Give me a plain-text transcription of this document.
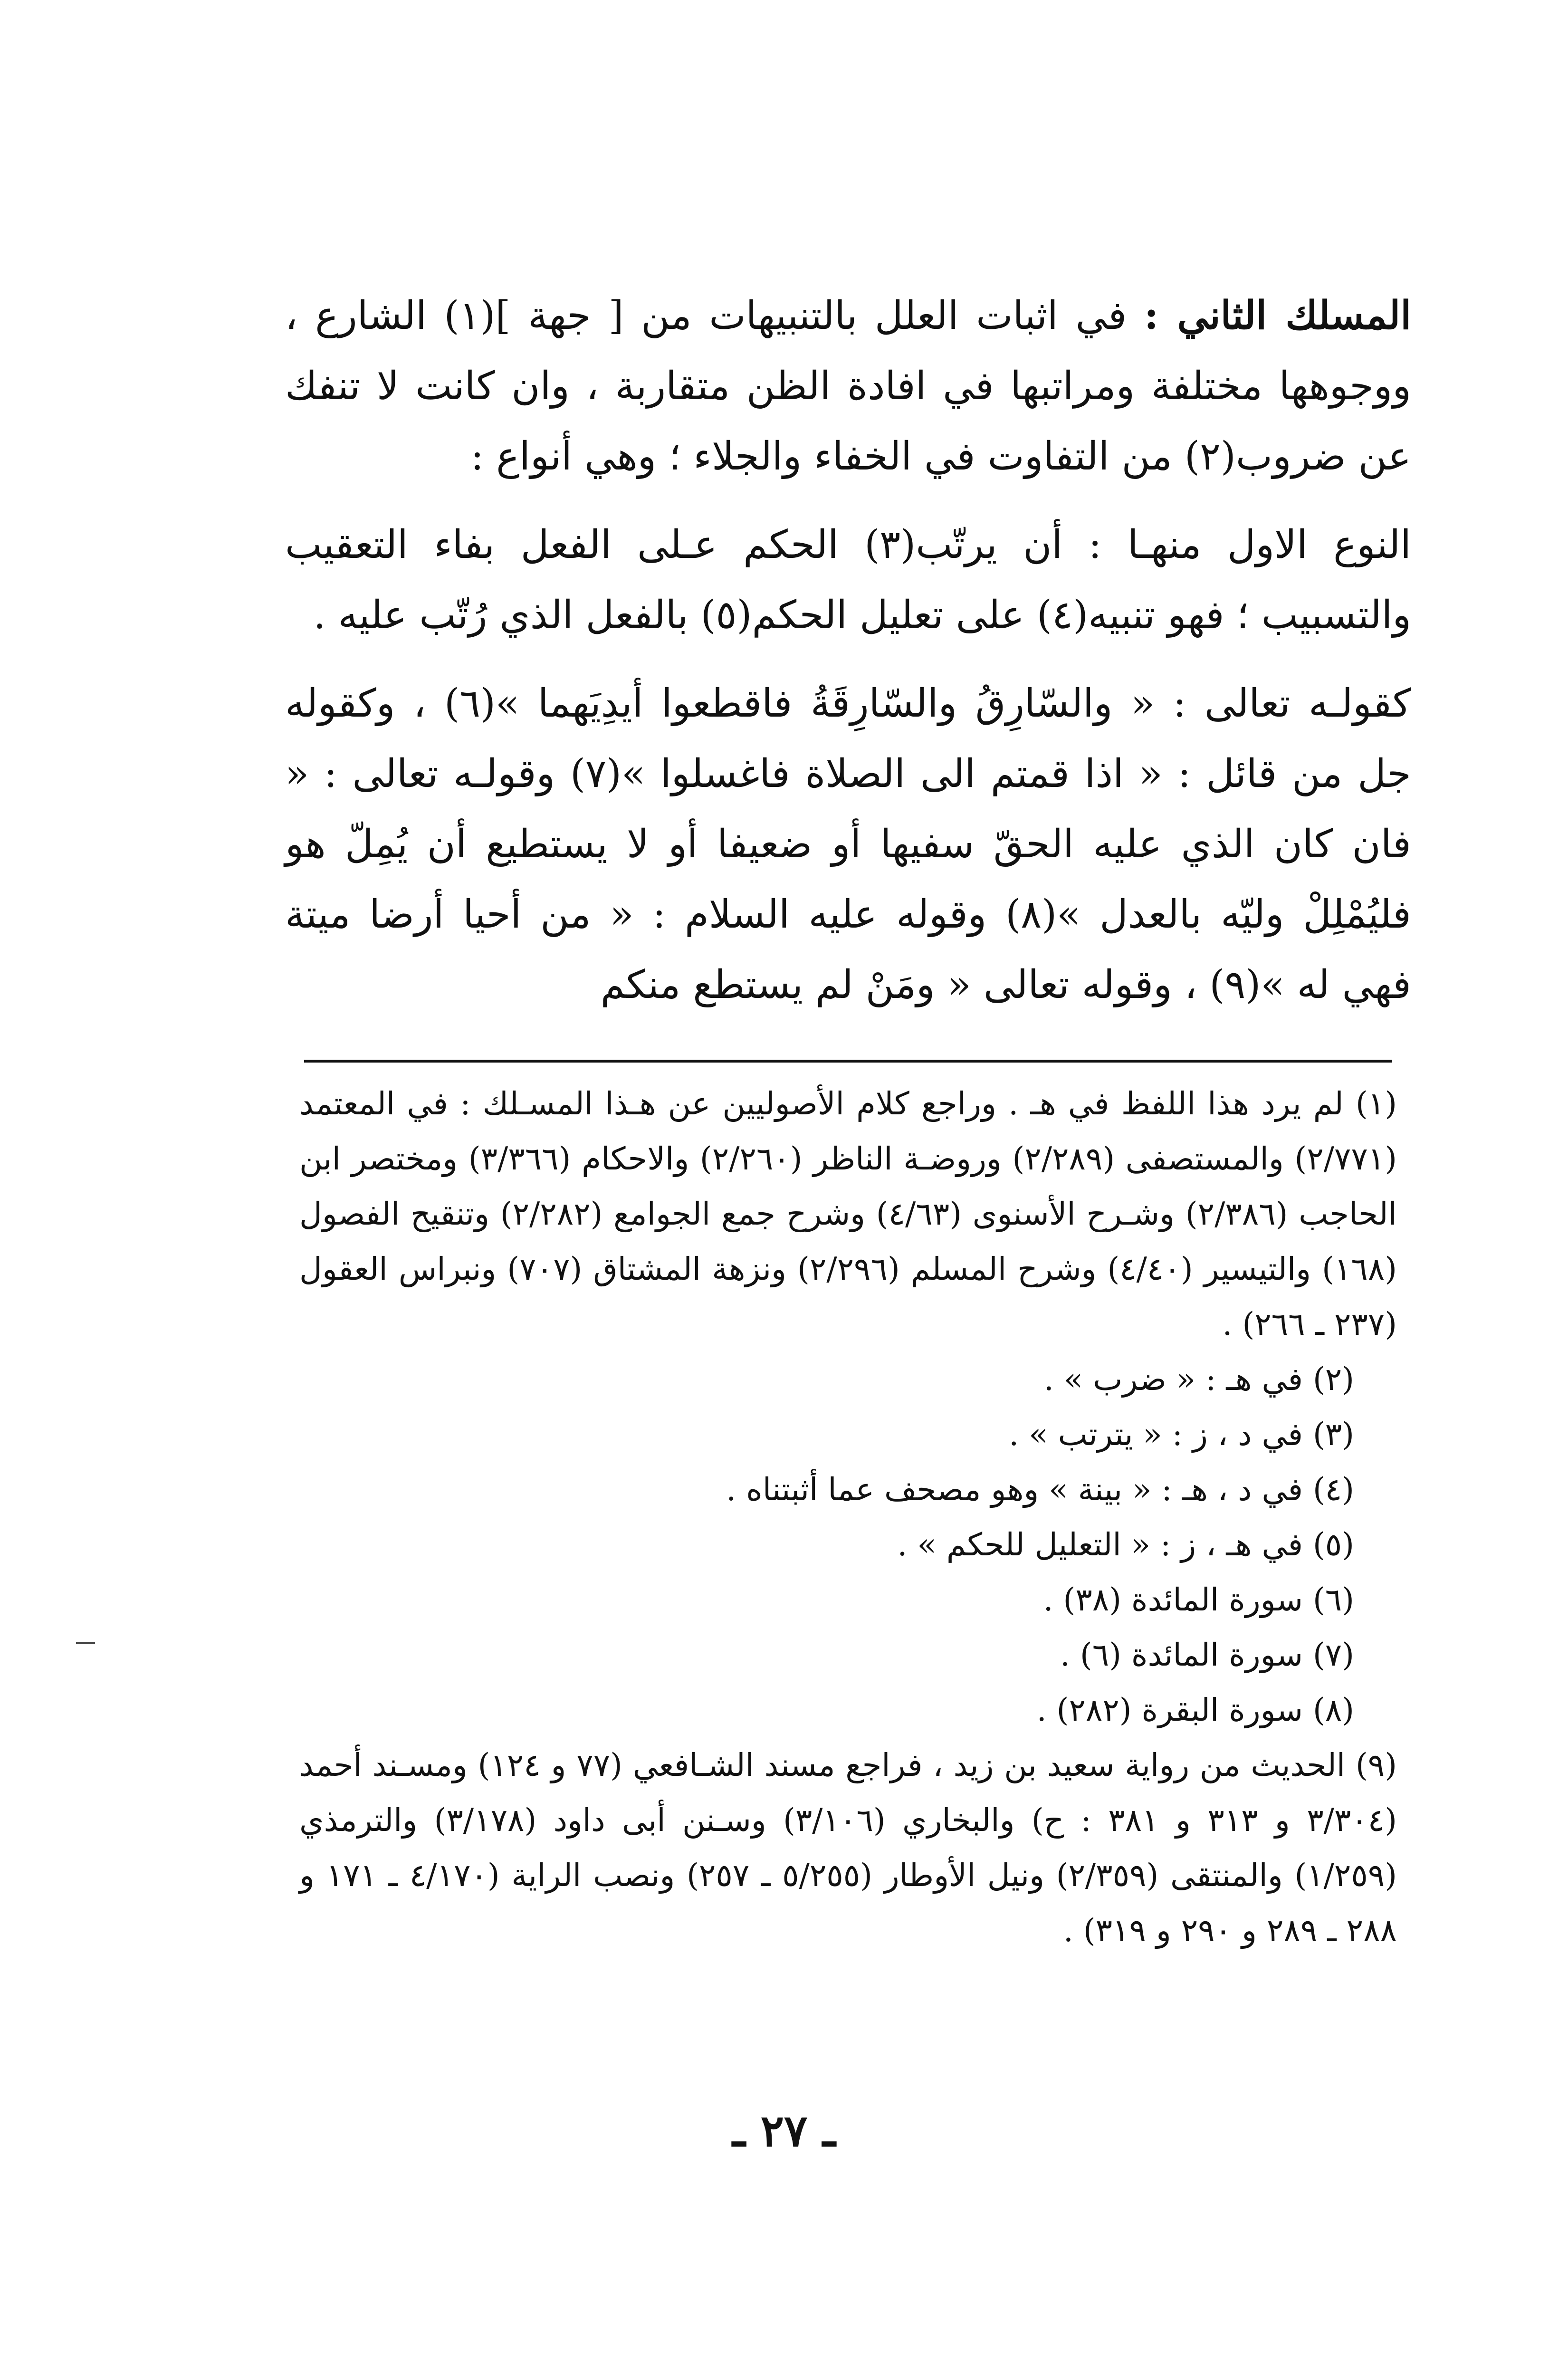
المسلك الثاني : في اثبات العلل بالتنبيهات من [ جهة ](١) الشارع ، ووجوهها مختلفة ومراتبها في افادة الظن متقاربة ، وان كانت لا تنفك عن ضروب(٢) من التفاوت في الخفاء والجلاء ؛ وهي أنواع :

النوع الاول منهـا : أن يرتّب(٣) الحكم عـلى الفعل بفاء التعقيب والتسبيب ؛ فهو تنبيه(٤) على تعليل الحكم(٥) بالفعل الذي رُتّب عليه .

كقولـه تعالى : « والسّارِقُ والسّارِقَةُ فاقطعوا أيدِيَهما »(٦) ، وكقوله جل من قائل : « اذا قمتم الى الصلاة فاغسلوا »(٧) وقولـه تعالى : « فان كان الذي عليه الحقّ سفيها أو ضعيفا أو لا يستطيع أن يُمِلّ هو فليُمْلِلْ وليّه بالعدل »(٨) وقوله عليه السلام : « من أحيا أرضا ميتة فهي له »(٩) ، وقوله تعالى « ومَنْ لم يستطع منكم

(١) لم يرد هذا اللفظ في هـ . وراجع كلام الأصوليين عن هـذا المسـلك : في المعتمد (٢/٧٧١) والمستصفى (٢/٢٨٩) وروضـة الناظر (٢/٢٦٠) والاحكام (٣/٣٦٦) ومختصر ابن الحاجب (٢/٣٨٦) وشـرح الأسنوى (٤/٦٣) وشرح جمع الجوامع (٢/٢٨٢) وتنقيح الفصول (١٦٨) والتيسير (٤/٤٠) وشرح المسلم (٢/٢٩٦) ونزهة المشتاق (٧٠٧) ونبراس العقول (٢٣٧ ـ ٢٦٦) .

(٢) في هـ : « ضرب » .

(٣) في د ، ز : « يترتب » .

(٤) في د ، هـ : « بينة » وهو مصحف عما أثبتناه .

(٥) في هـ ، ز : « التعليل للحكم » .

(٦) سورة المائدة (٣٨) .

(٧) سورة المائدة (٦) .

(٨) سورة البقرة (٢٨٢) .

(٩) الحديث من رواية سعيد بن زيد ، فراجع مسند الشـافعي (٧٧ و ١٢٤) ومسـند أحمد (٣/٣٠٤ و ٣١٣ و ٣٨١ : ح) والبخاري (٣/١٠٦) وسـنن أبى داود (٣/١٧٨) والترمذي (١/٢٥٩) والمنتقى (٢/٣٥٩) ونيل الأوطار (٥/٢٥٥ ـ ٢٥٧) ونصب الراية (٤/١٧٠ ـ ١٧١ و ٢٨٨ ـ ٢٨٩ و ٢٩٠ و ٣١٩) .

ـ ٢٧ ـ
